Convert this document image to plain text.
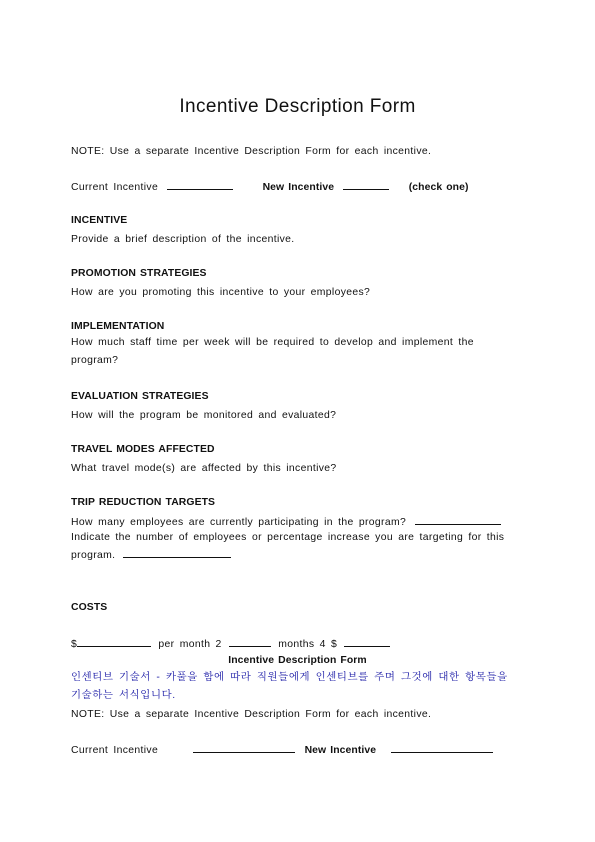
Incentive Description Form
NOTE: Use a separate Incentive Description Form for each incentive.
Current Incentive	New Incentive	(check one)
INCENTIVE
Provide a brief description of the incentive.
PROMOTION STRATEGIES
How are you promoting this incentive to your employees?
IMPLEMENTATION
How much staff time per week will be required to develop and implement the program?
EVALUATION STRATEGIES
How will the program be monitored and evaluated?
TRAVEL MODES AFFECTED
What travel mode(s) are affected by this incentive?
TRIP REDUCTION TARGETS
How many employees are currently participating in the program?
Indicate the number of employees or percentage increase you are targeting for this program.
COSTS
$	per month 2	months 4 $
Incentive Description Form
인센티브 기술서 - 카풀을 함에 따라 직원들에게 인센티브를 주며 그것에 대한 항목들을 기술하는 서식입니다.
NOTE: Use a separate Incentive Description Form for each incentive.
Current Incentive	New Incentive
